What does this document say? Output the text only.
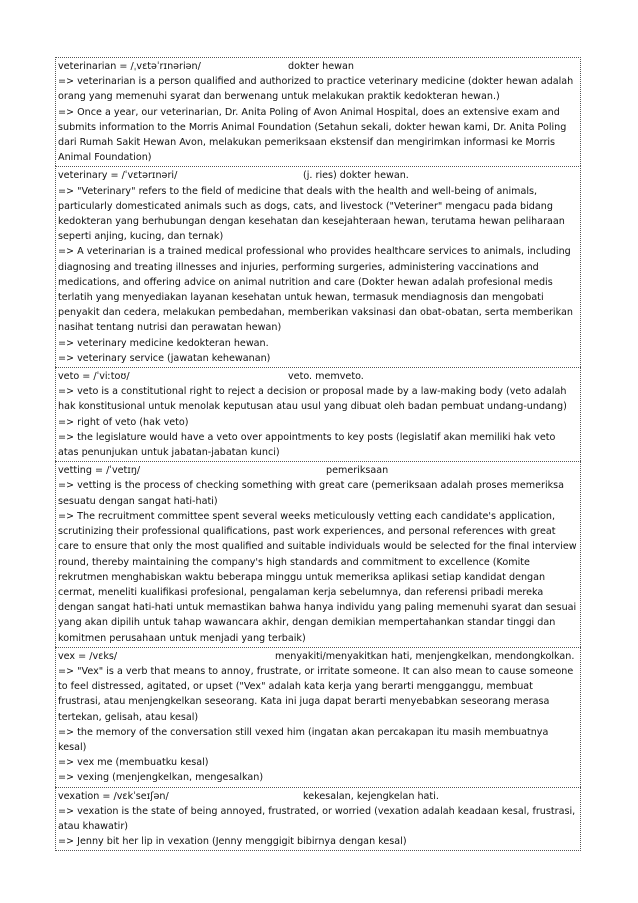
veterinarian = /ˌvɛtəˈrɪnəriən/	dokter hewan
=> veterinarian is a person qualified and authorized to practice veterinary medicine (dokter hewan adalah orang yang memenuhi syarat dan berwenang untuk melakukan praktik kedokteran hewan.)
=> Once a year, our veterinarian, Dr. Anita Poling of Avon Animal Hospital, does an extensive exam and submits information to the Morris Animal Foundation (Setahun sekali, dokter hewan kami, Dr. Anita Poling dari Rumah Sakit Hewan Avon, melakukan pemeriksaan ekstensif dan mengirimkan informasi ke Morris Animal Foundation)
veterinary = /ˈvɛtərɪnəri/	(j. ries) dokter hewan.
=> "Veterinary" refers to the field of medicine that deals with the health and well-being of animals, particularly domesticated animals such as dogs, cats, and livestock ("Veteriner" mengacu pada bidang kedokteran yang berhubungan dengan kesehatan dan kesejahteraan hewan, terutama hewan peliharaan seperti anjing, kucing, dan ternak)
=> A veterinarian is a trained medical professional who provides healthcare services to animals, including diagnosing and treating illnesses and injuries, performing surgeries, administering vaccinations and medications, and offering advice on animal nutrition and care (Dokter hewan adalah profesional medis terlatih yang menyediakan layanan kesehatan untuk hewan, termasuk mendiagnosis dan mengobati penyakit dan cedera, melakukan pembedahan, memberikan vaksinasi dan obat-obatan, serta memberikan nasihat tentang nutrisi dan perawatan hewan)
=> veterinary medicine kedokteran hewan.
=> veterinary service (jawatan kehewanan)
veto = /ˈviːtoʊ/	veto. memveto.
=> veto is a constitutional right to reject a decision or proposal made by a law-making body (veto adalah hak konstitusional untuk menolak keputusan atau usul yang dibuat oleh badan pembuat undang-undang)
=> right of veto (hak veto)
=> the legislature would have a veto over appointments to key posts (legislatif akan memiliki hak veto atas penunjukan untuk jabatan-jabatan kunci)
vetting = /ˈvetɪŋ/	pemeriksaan
=> vetting is the process of checking something with great care (pemeriksaan adalah proses memeriksa sesuatu dengan sangat hati-hati)
=> The recruitment committee spent several weeks meticulously vetting each candidate's application, scrutinizing their professional qualifications, past work experiences, and personal references with great care to ensure that only the most qualified and suitable individuals would be selected for the final interview round, thereby maintaining the company's high standards and commitment to excellence (Komite rekrutmen menghabiskan waktu beberapa minggu untuk memeriksa aplikasi setiap kandidat dengan cermat, meneliti kualifikasi profesional, pengalaman kerja sebelumnya, dan referensi pribadi mereka dengan sangat hati-hati untuk memastikan bahwa hanya individu yang paling memenuhi syarat dan sesuai yang akan dipilih untuk tahap wawancara akhir, dengan demikian mempertahankan standar tinggi dan komitmen perusahaan untuk menjadi yang terbaik)
vex = /vɛks/	menyakiti/menyakitkan hati, menjengkelkan, mendongkolkan.
=> "Vex" is a verb that means to annoy, frustrate, or irritate someone. It can also mean to cause someone to feel distressed, agitated, or upset ("Vex" adalah kata kerja yang berarti mengganggu, membuat frustrasi, atau menjengkelkan seseorang. Kata ini juga dapat berarti menyebabkan seseorang merasa tertekan, gelisah, atau kesal)
=> the memory of the conversation still vexed him (ingatan akan percakapan itu masih membuatnya kesal)
=> vex me (membuatku kesal)
=> vexing (menjengkelkan, mengesalkan)
vexation = /vɛkˈseɪʃən/	kekesalan, kejengkelan hati.
=> vexation is the state of being annoyed, frustrated, or worried (vexation adalah keadaan kesal, frustrasi, atau khawatir)
=> Jenny bit her lip in vexation (Jenny menggigit bibirnya dengan kesal)
